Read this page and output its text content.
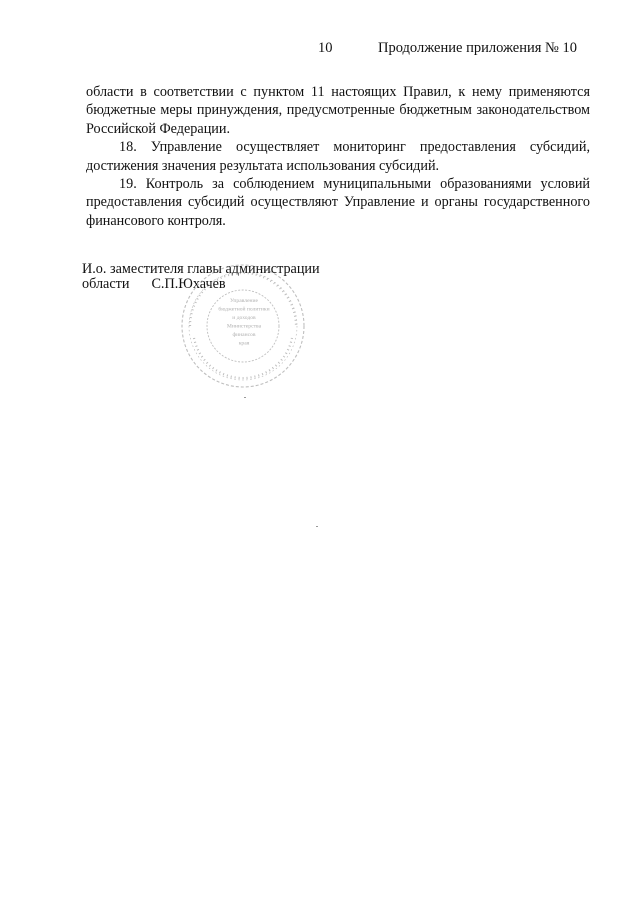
10	Продолжение приложения № 10

области в соответствии с пунктом 11 настоящих Правил, к нему применяются бюджетные меры принуждения, предусмотренные бюджетным законодательством Российской Федерации.

18. Управление осуществляет мониторинг предоставления субсидий, достижения значения результата использования субсидий.

19. Контроль за соблюдением муниципальными образованиями условий предоставления субсидий осуществляют Управление и органы государственного финансового контроля.

И.о. заместителя главы администрации
области С.П.Юхачев
Управление
бюджетной политики
и доходов
Министерства
финансов
края
